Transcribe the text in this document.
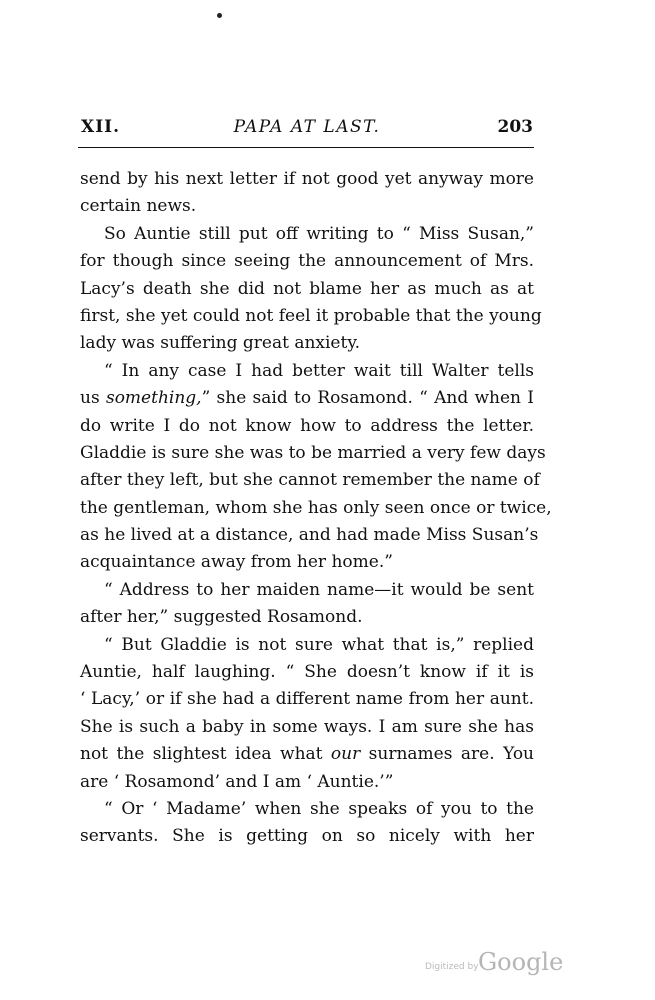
XII.	PAPA AT LAST.	203
send by his next letter if not good yet anyway more
certain news.
So Auntie still put off writing to “ Miss Susan,”
for though since seeing the announcement of Mrs.
Lacy’s death she did not blame her as much as at
first, she yet could not feel it probable that the young
lady was suffering great anxiety.
“ In any case I had better wait till Walter tells
us something,” she said to Rosamond. “ And when I
do write I do not know how to address the letter.
Gladdie is sure she was to be married a very few days
after they left, but she cannot remember the name of
the gentleman, whom she has only seen once or twice,
as he lived at a distance, and had made Miss Susan’s
acquaintance away from her home.”
“ Address to her maiden name—it would be sent
after her,” suggested Rosamond.
“ But Gladdie is not sure what that is,” replied
Auntie, half laughing. “ She doesn’t know if it is
‘ Lacy,’ or if she had a different name from her aunt.
She is such a baby in some ways. I am sure she has
not the slightest idea what our surnames are. You
are ‘ Rosamond’ and I am ‘ Auntie.’”
“ Or ‘ Madame’ when she speaks of you to the
servants. She is getting on so nicely with her
Digitized by Google
